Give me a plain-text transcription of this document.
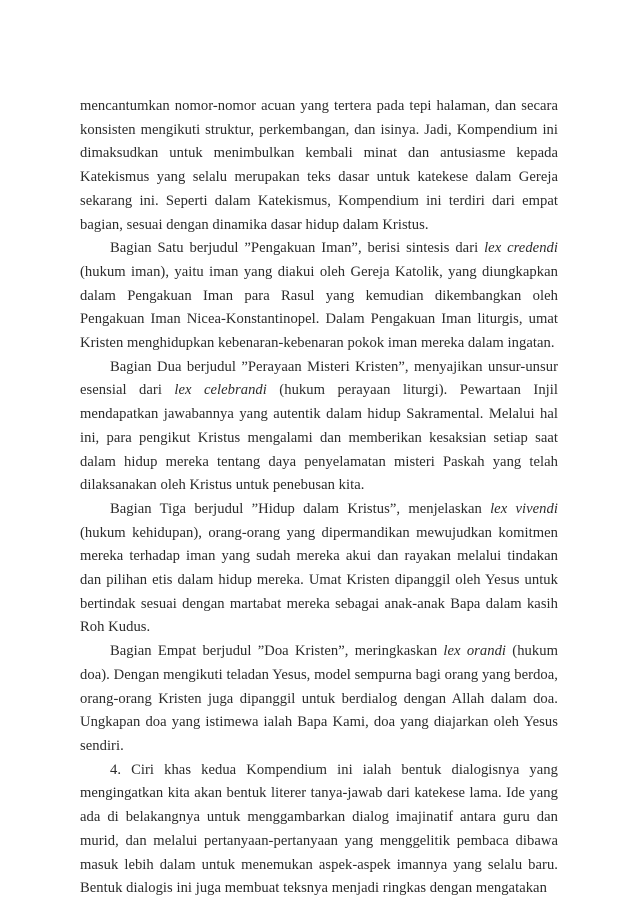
mencantumkan nomor-nomor acuan yang tertera pada tepi halaman, dan secara konsisten mengikuti struktur, perkembangan, dan isinya. Jadi, Kompendium ini dimaksudkan untuk menimbulkan kembali minat dan antusiasme kepada Katekismus yang selalu merupakan teks dasar untuk katekese dalam Gereja sekarang ini. Seperti dalam Katekismus, Kompendium ini terdiri dari empat bagian, sesuai dengan dinamika dasar hidup dalam Kristus.

Bagian Satu berjudul ”Pengakuan Iman”, berisi sintesis dari lex credendi (hukum iman), yaitu iman yang diakui oleh Gereja Katolik, yang diungkapkan dalam Pengakuan Iman para Rasul yang kemudian dikembangkan oleh Pengakuan Iman Nicea-Konstantinopel. Dalam Pengakuan Iman liturgis, umat Kristen menghidupkan kebenaran-kebenaran pokok iman mereka dalam ingatan.

Bagian Dua berjudul ”Perayaan Misteri Kristen”, menyajikan unsur-unsur esensial dari lex celebrandi (hukum perayaan liturgi). Pewartaan Injil mendapatkan jawabannya yang autentik dalam hidup Sakramental. Melalui hal ini, para pengikut Kristus mengalami dan memberikan kesaksian setiap saat dalam hidup mereka tentang daya penyelamatan misteri Paskah yang telah dilaksanakan oleh Kristus untuk penebusan kita.

Bagian Tiga berjudul ”Hidup dalam Kristus”, menjelaskan lex vivendi (hukum kehidupan), orang-orang yang dipermandikan mewujudkan komitmen mereka terhadap iman yang sudah mereka akui dan rayakan melalui tindakan dan pilihan etis dalam hidup mereka. Umat Kristen dipanggil oleh Yesus untuk bertindak sesuai dengan martabat mereka sebagai anak-anak Bapa dalam kasih Roh Kudus.

Bagian Empat berjudul ”Doa Kristen”, meringkaskan lex orandi (hukum doa). Dengan mengikuti teladan Yesus, model sempurna bagi orang yang berdoa, orang-orang Kristen juga dipanggil untuk berdialog dengan Allah dalam doa. Ungkapan doa yang istimewa ialah Bapa Kami, doa yang diajarkan oleh Yesus sendiri.

4. Ciri khas kedua Kompendium ini ialah bentuk dialogisnya yang mengingatkan kita akan bentuk literer tanya-jawab dari katekese lama. Ide yang ada di belakangnya untuk menggambarkan dialog imajinatif antara guru dan murid, dan melalui pertanyaan-pertanyaan yang menggelitik pembaca dibawa masuk lebih dalam untuk menemukan aspek-aspek imannya yang selalu baru. Bentuk dialogis ini juga membuat teksnya menjadi ringkas dengan mengatakan
